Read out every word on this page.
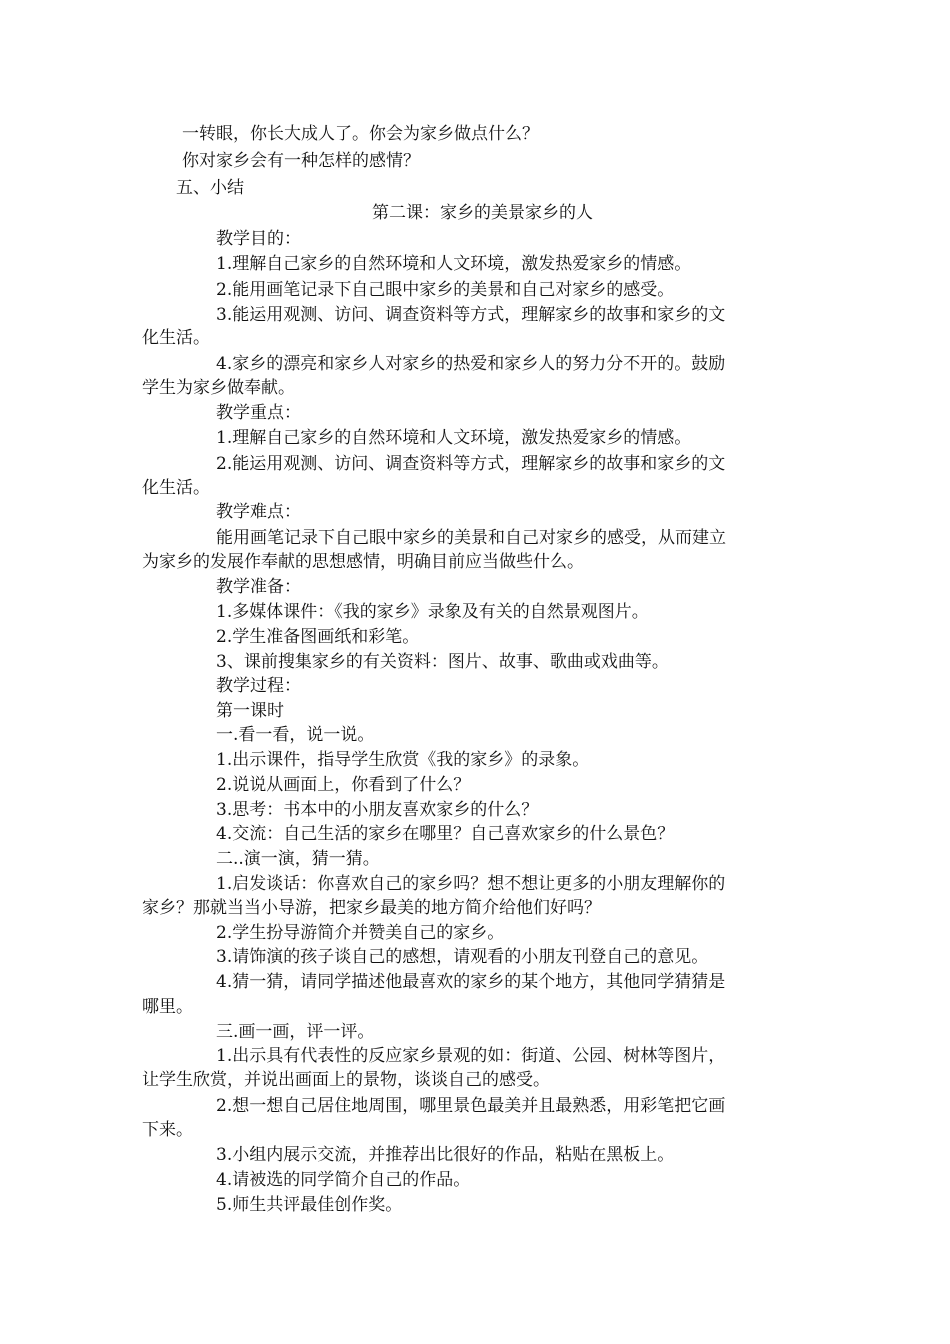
一转眼，你长大成人了。你会为家乡做点什么？
你对家乡会有一种怎样的感情？
五、小结
第二课：家乡的美景家乡的人
教学目的：
1.理解自己家乡的自然环境和人文环境，激发热爱家乡的情感。
2.能用画笔记录下自己眼中家乡的美景和自己对家乡的感受。
3.能运用观测、访问、调查资料等方式，理解家乡的故事和家乡的文
化生活。
4.家乡的漂亮和家乡人对家乡的热爱和家乡人的努力分不开的。鼓励
学生为家乡做奉献。
教学重点：
1.理解自己家乡的自然环境和人文环境，激发热爱家乡的情感。
2.能运用观测、访问、调查资料等方式，理解家乡的故事和家乡的文
化生活。
教学难点：
能用画笔记录下自己眼中家乡的美景和自己对家乡的感受，从而建立
为家乡的发展作奉献的思想感情，明确目前应当做些什么。
教学准备：
1.多媒体课件：《我的家乡》录象及有关的自然景观图片。
2.学生准备图画纸和彩笔。
3、课前搜集家乡的有关资料：图片、故事、歌曲或戏曲等。
教学过程：
第一课时
一.看一看，说一说。
1.出示课件，指导学生欣赏《我的家乡》的录象。
2.说说从画面上，你看到了什么？
3.思考：书本中的小朋友喜欢家乡的什么？
4.交流：自己生活的家乡在哪里？自己喜欢家乡的什么景色？
二..演一演，猜一猜。
1.启发谈话：你喜欢自己的家乡吗？想不想让更多的小朋友理解你的
家乡？那就当当小导游，把家乡最美的地方简介给他们好吗？
2.学生扮导游简介并赞美自己的家乡。
3.请饰演的孩子谈自己的感想，请观看的小朋友刊登自己的意见。
4.猜一猜，请同学描述他最喜欢的家乡的某个地方，其他同学猜猜是
哪里。
三.画一画，评一评。
1.出示具有代表性的反应家乡景观的如：街道、公园、树林等图片，
让学生欣赏，并说出画面上的景物，谈谈自己的感受。
2.想一想自己居住地周围，哪里景色最美并且最熟悉，用彩笔把它画
下来。
3.小组内展示交流，并推荐出比很好的作品，粘贴在黑板上。
4.请被选的同学简介自己的作品。
5.师生共评最佳创作奖。
